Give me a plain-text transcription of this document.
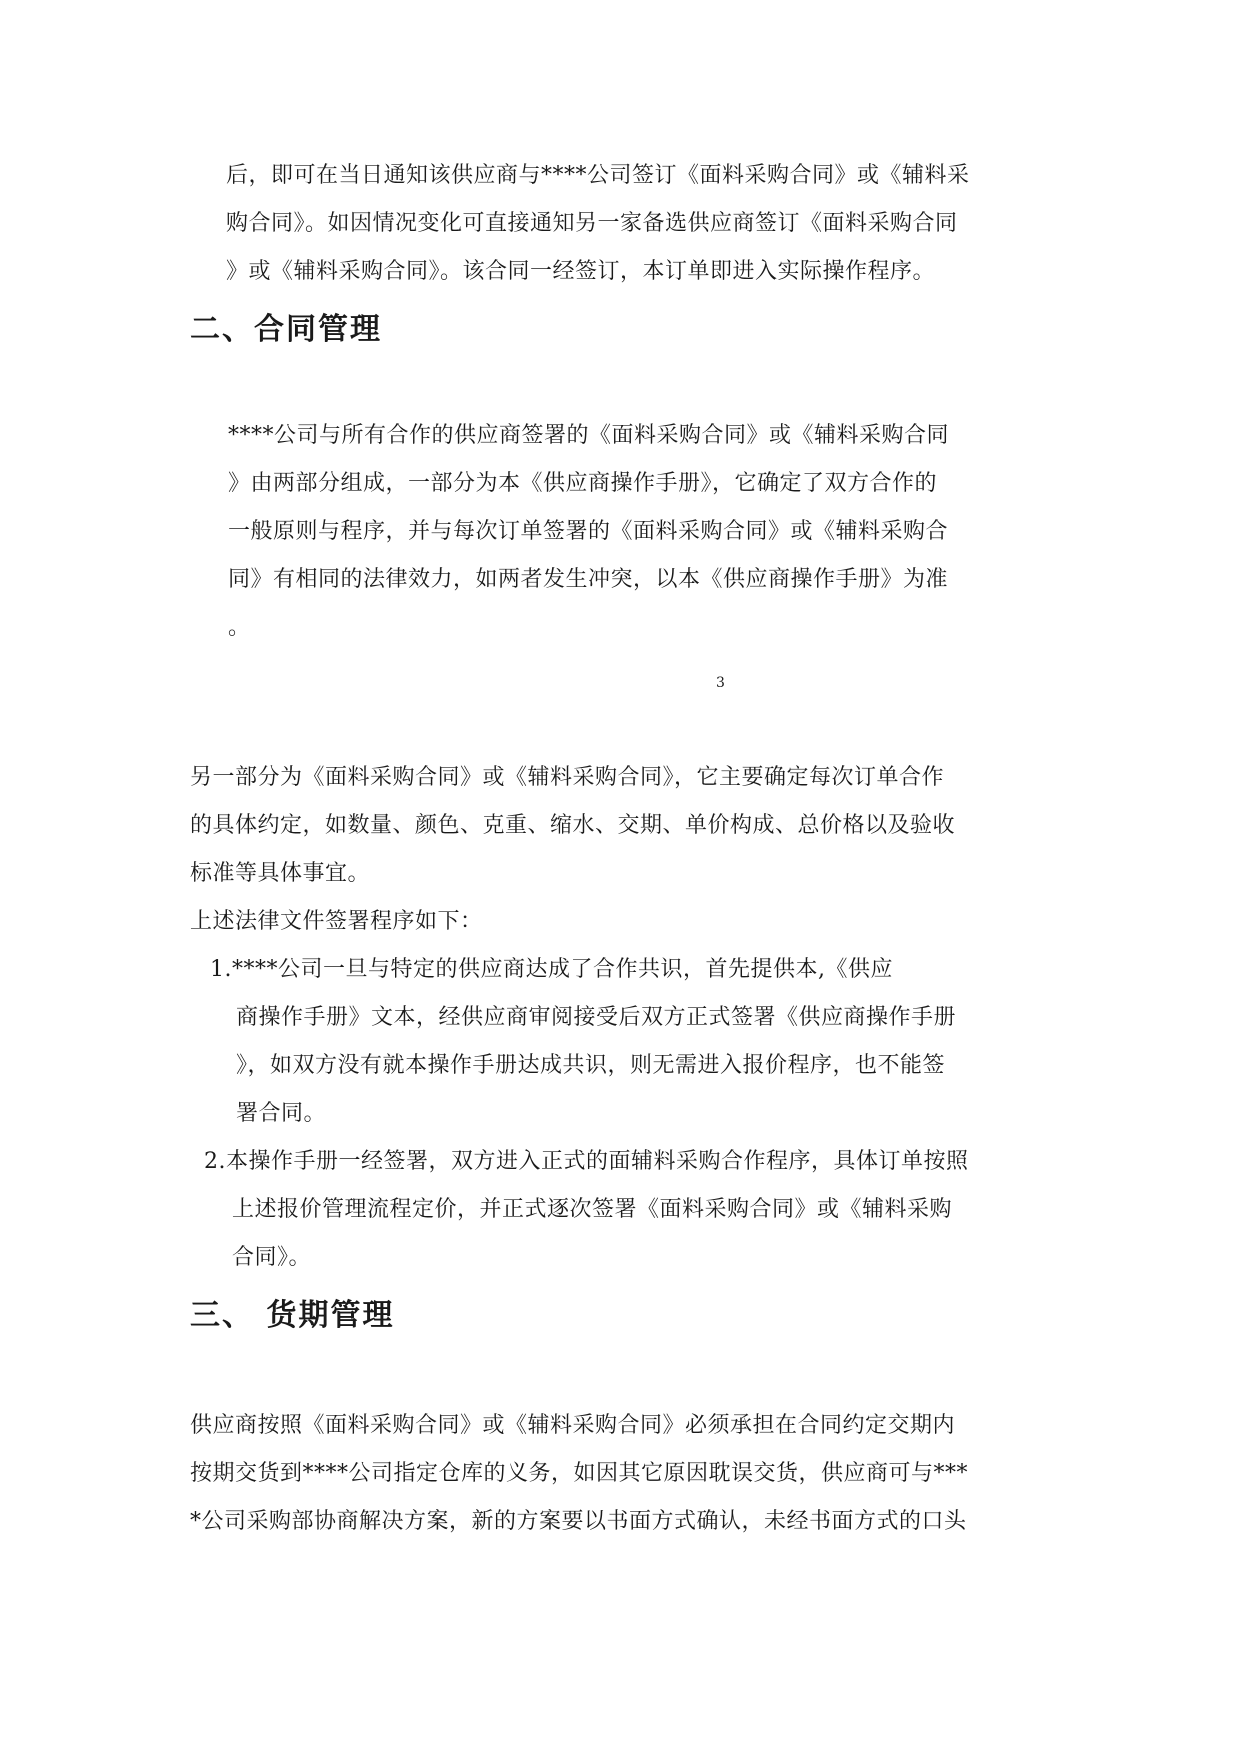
后，即可在当日通知该供应商与****公司签订《面料采购合同》或《辅料采
购合同》。如因情况变化可直接通知另一家备选供应商签订《面料采购合同
》或《辅料采购合同》。该合同一经签订，本订单即进入实际操作程序。
二、合同管理
****公司与所有合作的供应商签署的《面料采购合同》或《辅料采购合同
》由两部分组成，一部分为本《供应商操作手册》，它确定了双方合作的
一般原则与程序，并与每次订单签署的《面料采购合同》或《辅料采购合
同》有相同的法律效力，如两者发生冲突，以本《供应商操作手册》为准
。
3
另一部分为《面料采购合同》或《辅料采购合同》，它主要确定每次订单合作
的具体约定，如数量、颜色、克重、缩水、交期、单价构成、总价格以及验收
标准等具体事宜。
上述法律文件签署程序如下：
1.****公司一旦与特定的供应商达成了合作共识，首先提供本,《供应
商操作手册》文本，经供应商审阅接受后双方正式签署《供应商操作手册
》，如双方没有就本操作手册达成共识，则无需进入报价程序，也不能签
署合同。
2.本操作手册一经签署，双方进入正式的面辅料采购合作程序，具体订单按照
上述报价管理流程定价，并正式逐次签署《面料采购合同》或《辅料采购
合同》。
三、 货期管理
供应商按照《面料采购合同》或《辅料采购合同》必须承担在合同约定交期内
按期交货到****公司指定仓库的义务，如因其它原因耽误交货，供应商可与***
*公司采购部协商解决方案，新的方案要以书面方式确认，未经书面方式的口头
